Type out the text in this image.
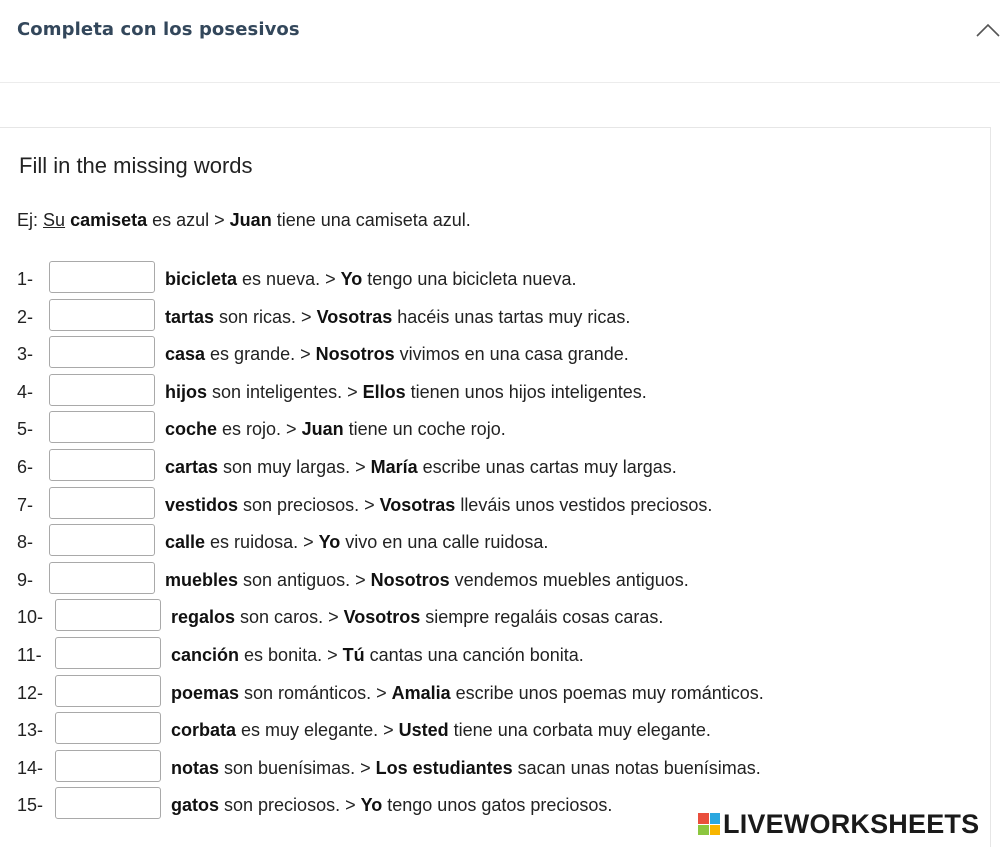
Completa con los posesivos
Fill in the missing words
Ej: Su camiseta es azul > Juan tiene una camiseta azul.
1-	bicicleta es nueva. > Yo tengo una bicicleta nueva.
2-	tartas son ricas. > Vosotras hacéis unas tartas muy ricas.
3-	casa es grande. > Nosotros vivimos en una casa grande.
4-	hijos son inteligentes. > Ellos tienen unos hijos inteligentes.
5-	coche es rojo. > Juan tiene un coche rojo.
6-	cartas son muy largas. > María escribe unas cartas muy largas.
7-	vestidos son preciosos. > Vosotras lleváis unos vestidos preciosos.
8-	calle es ruidosa. > Yo vivo en una calle ruidosa.
9-	muebles son antiguos. > Nosotros vendemos muebles antiguos.
10-	regalos son caros. > Vosotros siempre regaláis cosas caras.
11-	canción es bonita. > Tú cantas una canción bonita.
12-	poemas son románticos. > Amalia escribe unos poemas muy románticos.
13-	corbata es muy elegante. > Usted tiene una corbata muy elegante.
14-	notas son buenísimas. > Los estudiantes sacan unas notas buenísimas.
15-	gatos son preciosos. > Yo tengo unos gatos preciosos.
LIVEWORKSHEETS
